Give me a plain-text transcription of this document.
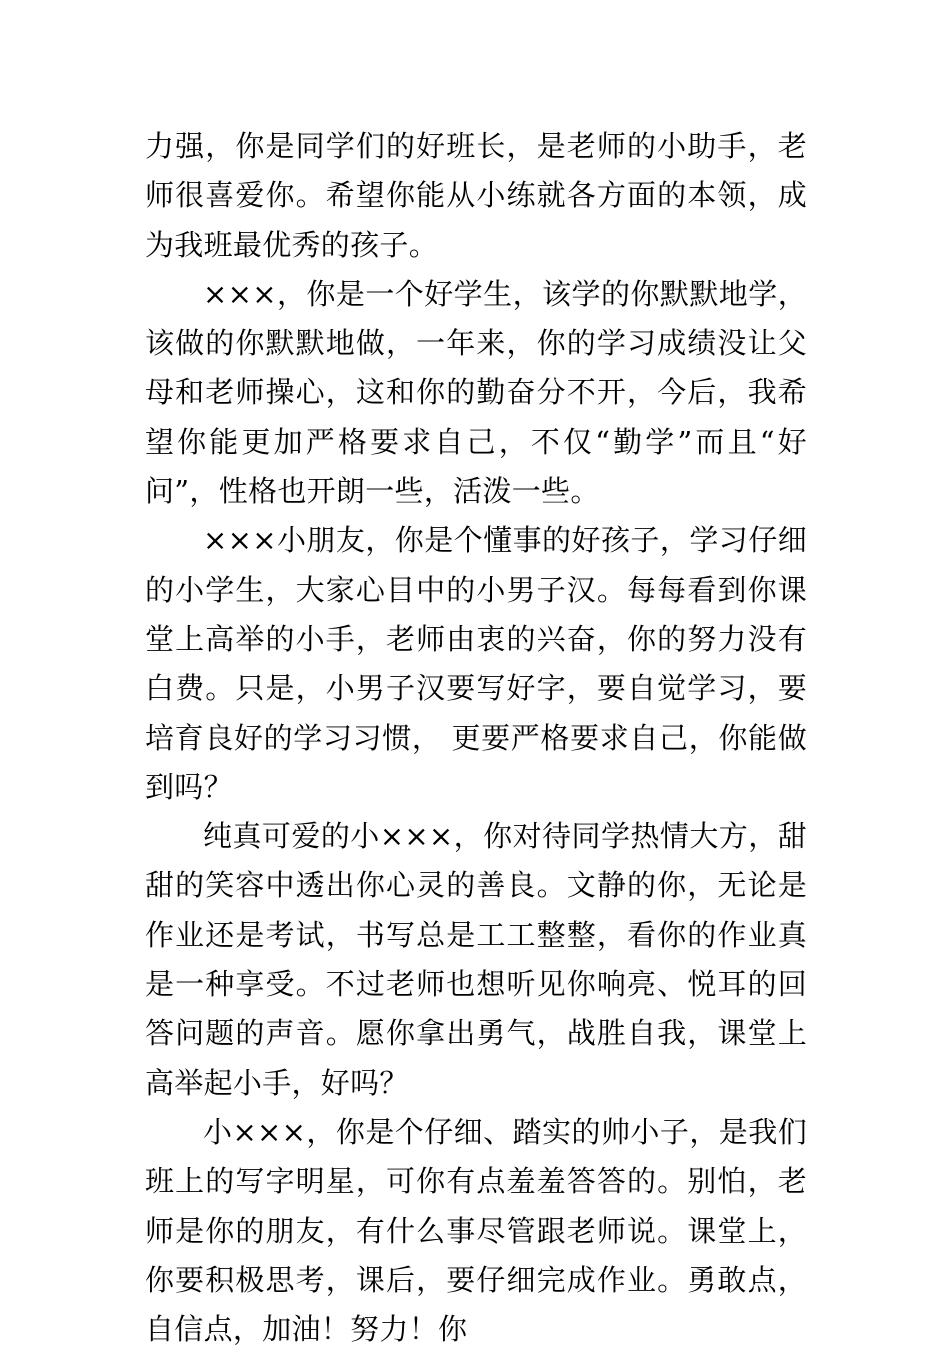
力强，你是同学们的好班长，是老师的小助手，老师很喜爱你。希望你能从小练就各方面的本领，成为我班最优秀的孩子。

×××，你是一个好学生，该学的你默默地学，该做的你默默地做，一年来，你的学习成绩没让父母和老师操心，这和你的勤奋分不开，今后，我希望你能更加严格要求自己，不仅“勤学”而且“好问”，性格也开朗一些，活泼一些。

×××小朋友，你是个懂事的好孩子，学习仔细的小学生，大家心目中的小男子汉。每每看到你课堂上高举的小手，老师由衷的兴奋，你的努力没有白费。只是，小男子汉要写好字，要自觉学习，要培育良好的学习习惯， 更要严格要求自己，你能做到吗？

纯真可爱的小×××，你对待同学热情大方，甜甜的笑容中透出你心灵的善良。文静的你，无论是作业还是考试，书写总是工工整整，看你的作业真是一种享受。不过老师也想听见你响亮、悦耳的回答问题的声音。愿你拿出勇气，战胜自我，课堂上高举起小手，好吗？

小×××，你是个仔细、踏实的帅小子，是我们班上的写字明星，可你有点羞羞答答的。别怕，老师是你的朋友，有什么事尽管跟老师说。课堂上，你要积极思考，课后，要仔细完成作业。勇敢点，自信点，加油！努力！你
